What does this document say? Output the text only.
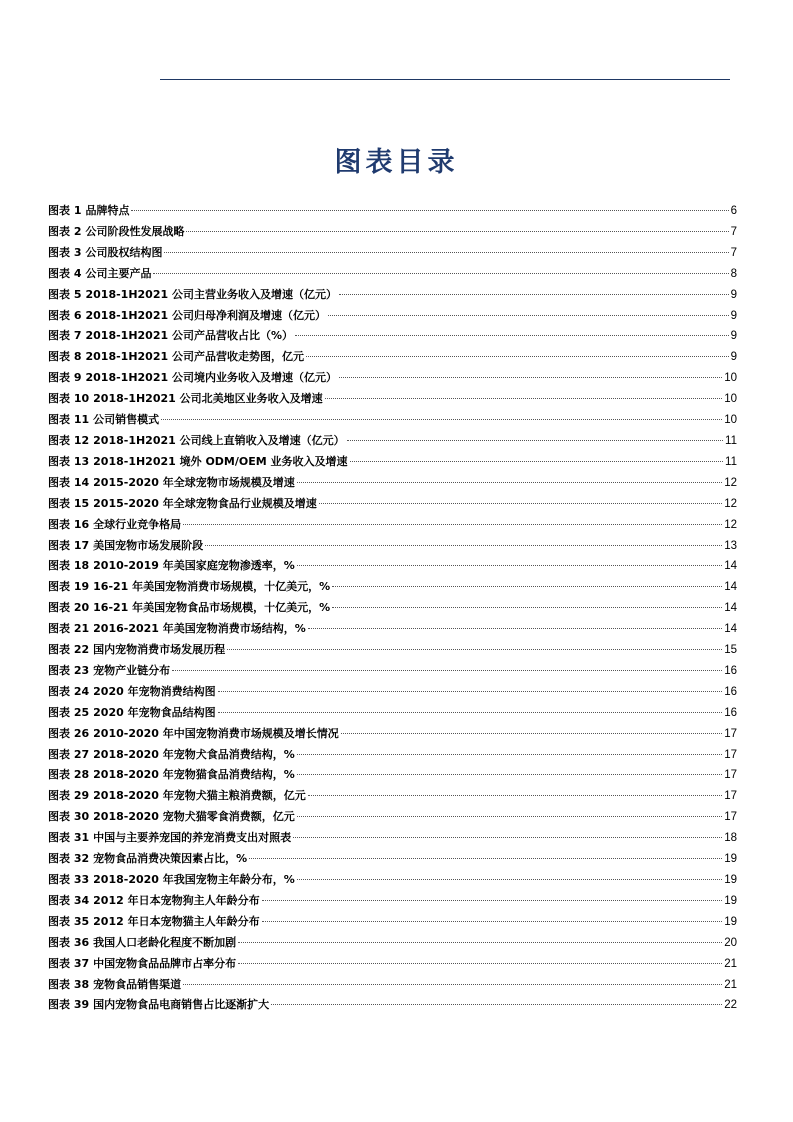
图表目录
图表 1 品牌特点	6
图表 2 公司阶段性发展战略	7
图表 3 公司股权结构图	7
图表 4 公司主要产品	8
图表 5 2018-1H2021 公司主营业务收入及增速（亿元）	9
图表 6 2018-1H2021 公司归母净利润及增速（亿元）	9
图表 7 2018-1H2021 公司产品营收占比（%）	9
图表 8 2018-1H2021 公司产品营收走势图，亿元	9
图表 9 2018-1H2021 公司境内业务收入及增速（亿元）	10
图表 10 2018-1H2021 公司北美地区业务收入及增速	10
图表 11 公司销售模式	10
图表 12 2018-1H2021 公司线上直销收入及增速（亿元）	11
图表 13 2018-1H2021 境外 ODM/OEM 业务收入及增速	11
图表 14 2015-2020 年全球宠物市场规模及增速	12
图表 15 2015-2020 年全球宠物食品行业规模及增速	12
图表 16 全球行业竞争格局	12
图表 17 美国宠物市场发展阶段	13
图表 18 2010-2019 年美国家庭宠物渗透率，%	14
图表 19 16-21 年美国宠物消费市场规模，十亿美元，%	14
图表 20 16-21 年美国宠物食品市场规模，十亿美元，%	14
图表 21 2016-2021 年美国宠物消费市场结构，%	14
图表 22 国内宠物消费市场发展历程	15
图表 23 宠物产业链分布	16
图表 24 2020 年宠物消费结构图	16
图表 25 2020 年宠物食品结构图	16
图表 26 2010-2020 年中国宠物消费市场规模及增长情况	17
图表 27 2018-2020 年宠物犬食品消费结构，%	17
图表 28 2018-2020 年宠物猫食品消费结构，%	17
图表 29 2018-2020 年宠物犬猫主粮消费额，亿元	17
图表 30 2018-2020 宠物犬猫零食消费额，亿元	17
图表 31 中国与主要养宠国的养宠消费支出对照表	18
图表 32 宠物食品消费决策因素占比，%	19
图表 33 2018-2020 年我国宠物主年龄分布，%	19
图表 34 2012 年日本宠物狗主人年龄分布	19
图表 35 2012 年日本宠物猫主人年龄分布	19
图表 36 我国人口老龄化程度不断加剧	20
图表 37 中国宠物食品品牌市占率分布	21
图表 38 宠物食品销售渠道	21
图表 39 国内宠物食品电商销售占比逐渐扩大	22
